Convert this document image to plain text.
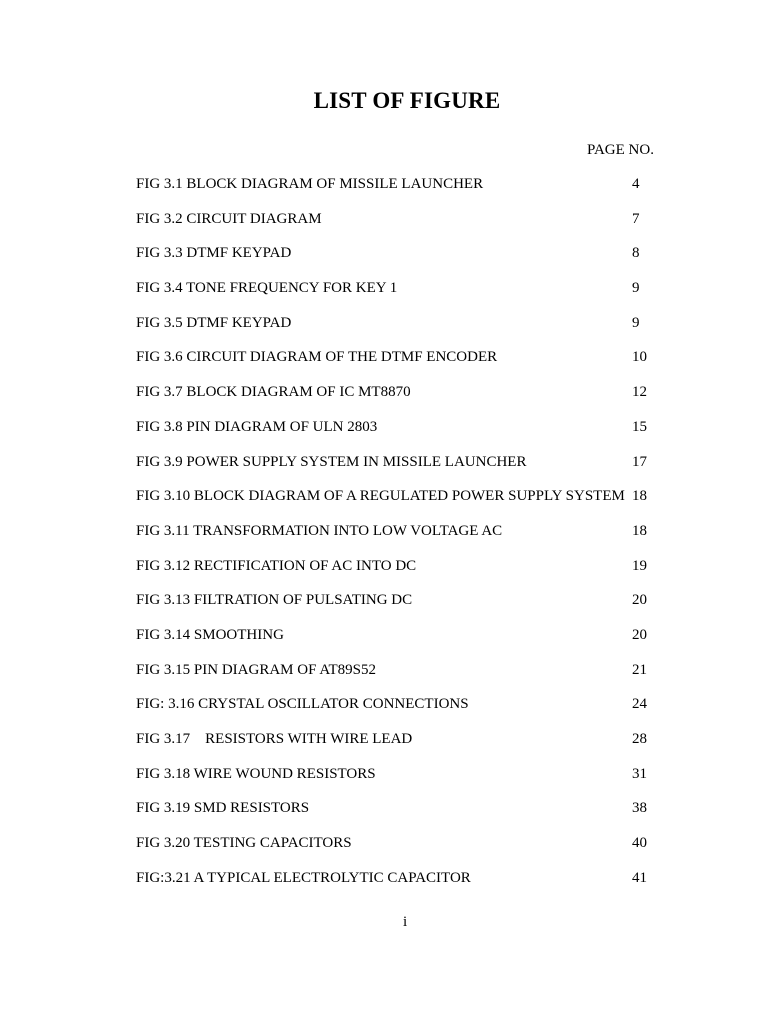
LIST OF FIGURE
PAGE NO.
FIG 3.1 BLOCK DIAGRAM OF MISSILE LAUNCHER	4
FIG 3.2 CIRCUIT DIAGRAM	7
FIG 3.3 DTMF KEYPAD	8
FIG 3.4 TONE FREQUENCY FOR KEY 1	9
FIG 3.5 DTMF KEYPAD	9
FIG 3.6 CIRCUIT DIAGRAM OF THE DTMF ENCODER	10
FIG 3.7 BLOCK DIAGRAM OF IC MT8870	12
FIG 3.8 PIN DIAGRAM OF ULN 2803	15
FIG 3.9 POWER SUPPLY SYSTEM IN MISSILE LAUNCHER	17
FIG 3.10 BLOCK DIAGRAM OF A REGULATED POWER SUPPLY SYSTEM 18
FIG 3.11 TRANSFORMATION INTO LOW VOLTAGE AC	18
FIG 3.12 RECTIFICATION OF AC INTO DC	19
FIG 3.13 FILTRATION OF PULSATING DC	20
FIG 3.14 SMOOTHING	20
FIG 3.15 PIN DIAGRAM OF AT89S52	21
FIG: 3.16 CRYSTAL OSCILLATOR CONNECTIONS	24
FIG 3.17    RESISTORS WITH WIRE LEAD	28
FIG 3.18 WIRE WOUND RESISTORS	31
FIG 3.19 SMD RESISTORS	38
FIG 3.20 TESTING CAPACITORS	40
FIG:3.21 A TYPICAL ELECTROLYTIC CAPACITOR	41
i
